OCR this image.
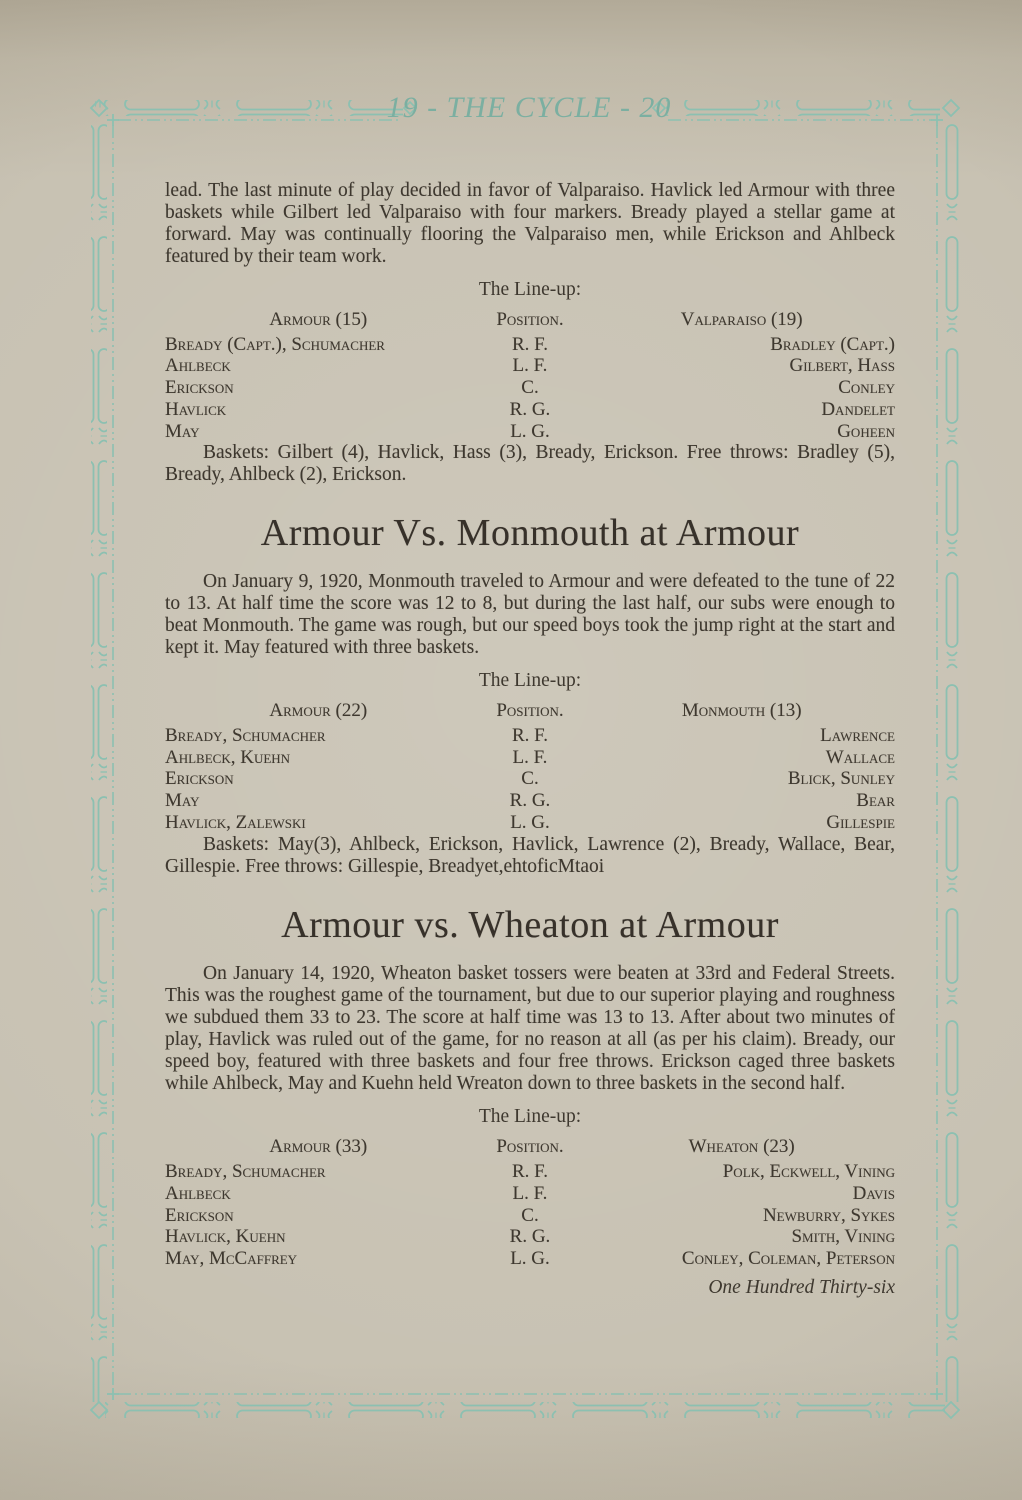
19 - THE CYCLE - 20

lead. The last minute of play decided in favor of Valparaiso. Havlick led Armour with three baskets while Gilbert led Valparaiso with four markers. Bready played a stellar game at forward. May was continually flooring the Valparaiso men, while Erickson and Ahlbeck featured by their team work.

The Line-up:

Armour (15)	Position.	Valparaiso (19)
Bready (Capt.), Schumacher	R. F.	Bradley (Capt.)
Ahlbeck	L. F.	Gilbert, Hass
Erickson	C.	Conley
Havlick	R. G.	Dandelet
May	L. G.	Goheen

Baskets: Gilbert (4), Havlick, Hass (3), Bready, Erickson. Free throws: Bradley (5), Bready, Ahlbeck (2), Erickson.

Armour Vs. Monmouth at Armour

On January 9, 1920, Monmouth traveled to Armour and were defeated to the tune of 22 to 13. At half time the score was 12 to 8, but during the last half, our subs were enough to beat Monmouth. The game was rough, but our speed boys took the jump right at the start and kept it. May featured with three baskets.

The Line-up:

Armour (22)	Position.	Monmouth (13)
Bready, Schumacher	R. F.	Lawrence
Ahlbeck, Kuehn	L. F.	Wallace
Erickson	C.	Blick, Sunley
May	R. G.	Bear
Havlick, Zalewski	L. G.	Gillespie

Baskets: May(3), Ahlbeck, Erickson, Havlick, Lawrence (2), Bready, Wallace, Bear, Gillespie. Free throws: Gillespie, Breadyet,ehtoficMtaoi

Armour vs. Wheaton at Armour

On January 14, 1920, Wheaton basket tossers were beaten at 33rd and Federal Streets. This was the roughest game of the tournament, but due to our superior playing and roughness we subdued them 33 to 23. The score at half time was 13 to 13. After about two minutes of play, Havlick was ruled out of the game, for no reason at all (as per his claim). Bready, our speed boy, featured with three baskets and four free throws. Erickson caged three baskets while Ahlbeck, May and Kuehn held Wreaton down to three baskets in the second half.

The Line-up:

Armour (33)	Position.	Wheaton (23)
Bready, Schumacher	R. F.	Polk, Eckwell, Vining
Ahlbeck	L. F.	Davis
Erickson	C.	Newburry, Sykes
Havlick, Kuehn	R. G.	Smith, Vining
May, McCaffrey	L. G.	Conley, Coleman, Peterson
One Hundred Thirty-six
